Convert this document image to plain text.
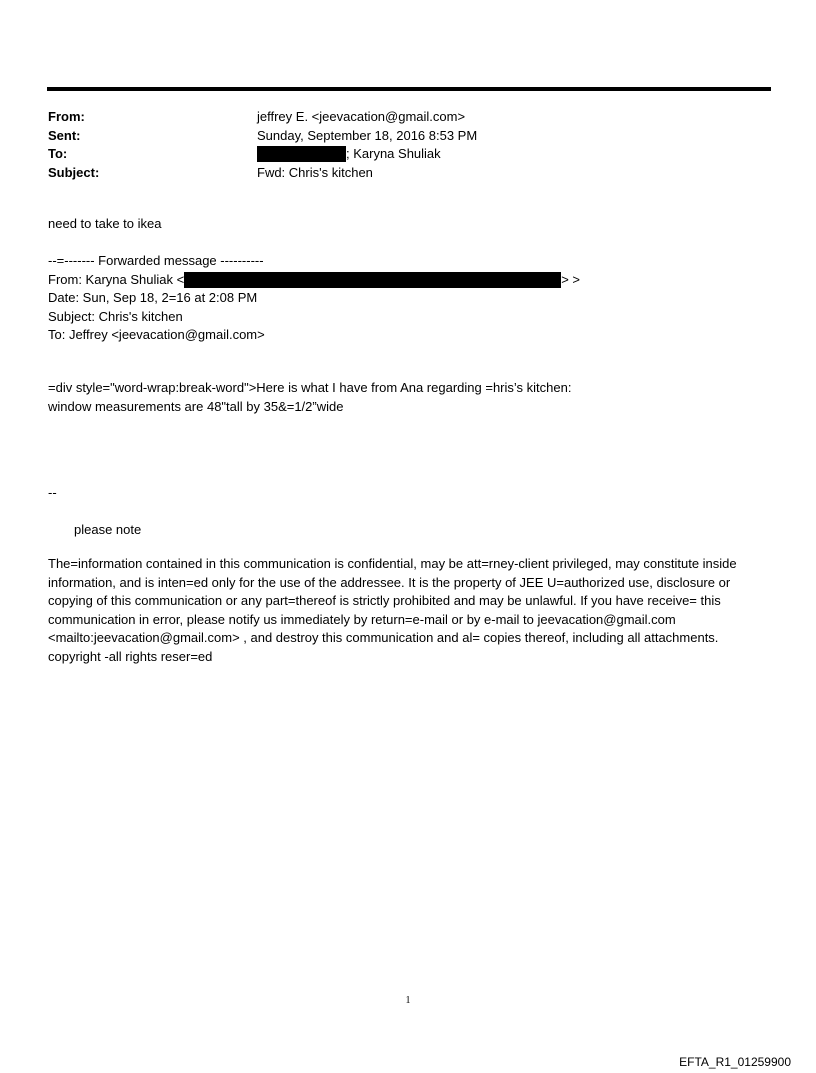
From:	jeffrey E. <jeevacation@gmail.com>
Sent:	Sunday, September 18, 2016 8:53 PM
To:	; Karyna Shuliak
Subject:	Fwd: Chris's kitchen
need to take to ikea
--=------- Forwarded message ----------
From: Karyna Shuliak <	> >
Date: Sun, Sep 18, 2=16 at 2:08 PM
Subject: Chris's kitchen
To: Jeffrey <jeevacation@gmail.com>
=div style="word-wrap:break-word">Here is what I have from Ana regarding =hris’s kitchen:
window measurements are 48"tall by 35&=1/2”wide
--
please note
The=information contained in this communication is confidential, may be att=rney-client privileged, may constitute inside information, and is inten=ed only for the use of the addressee. It is the property of JEE U=authorized use, disclosure or copying of this communication or any part=thereof is strictly prohibited and may be unlawful. If you have receive= this communication in error, please notify us immediately by return=e-mail or by e-mail to jeevacation@gmail.com <mailto:jeevacation@gmail.com> , and destroy this communication and al= copies thereof, including all attachments. copyright -all rights reser=ed
1
EFTA_R1_01259900
